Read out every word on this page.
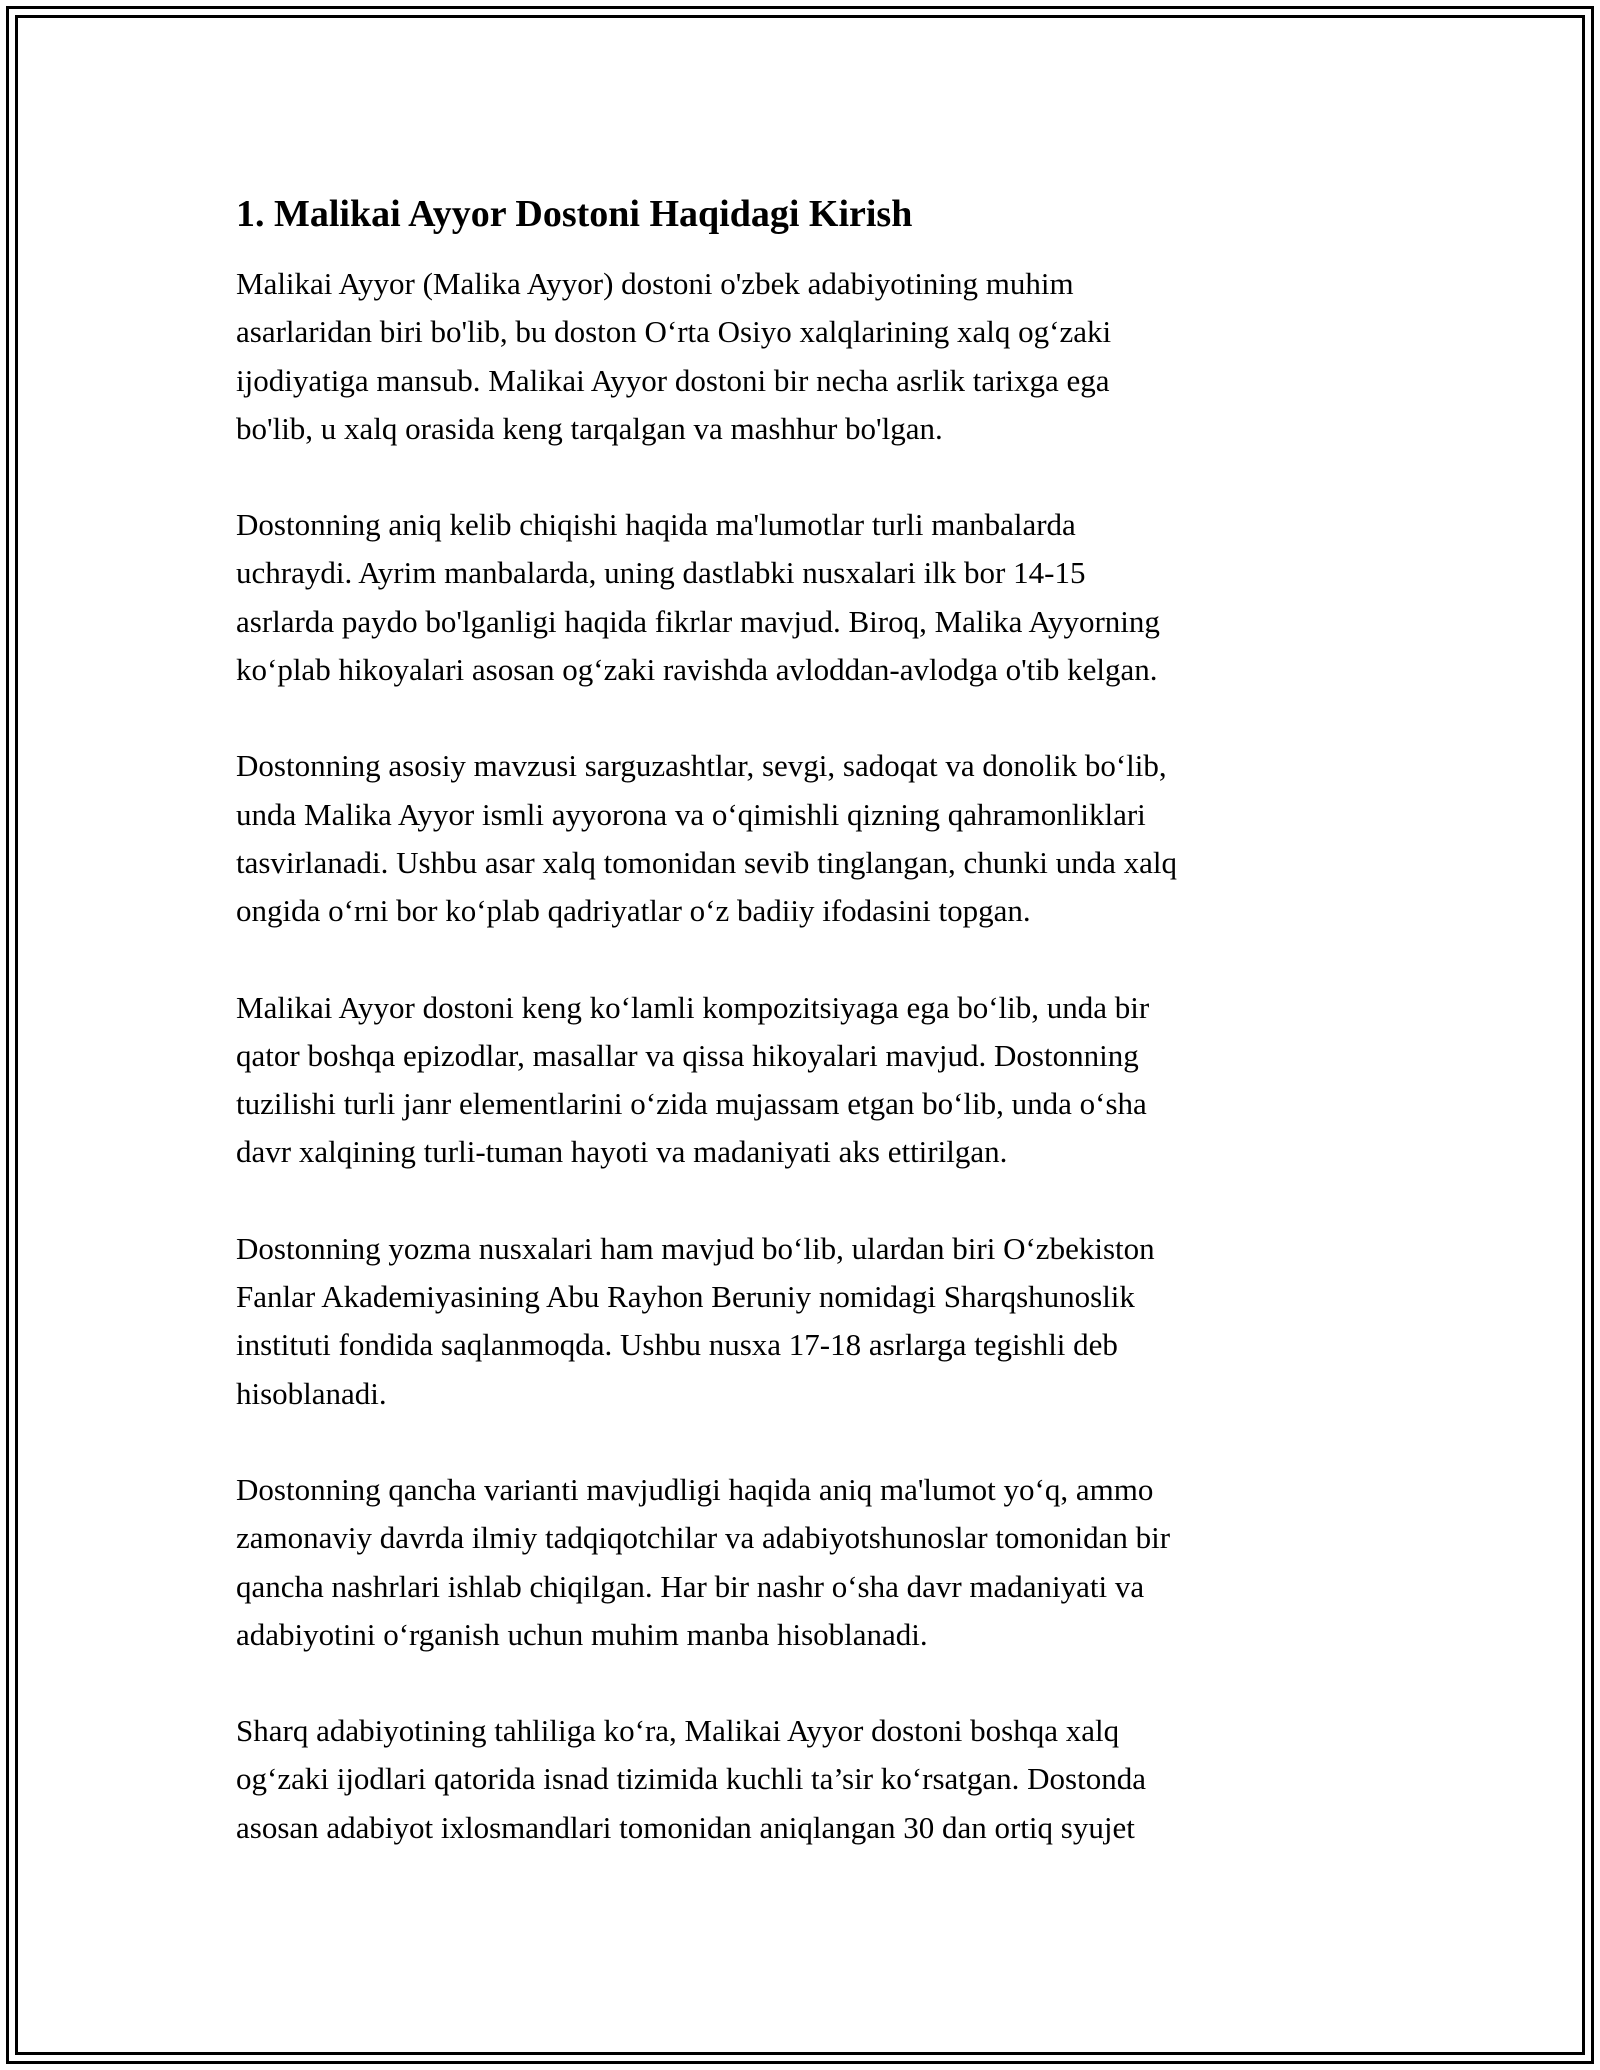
1. Malikai Ayyor Dostoni Haqidagi Kirish

Malikai Ayyor (Malika Ayyor) dostoni o'zbek adabiyotining muhim
asarlaridan biri bo'lib, bu doston O‘rta Osiyo xalqlarining xalq og‘zaki
ijodiyatiga mansub. Malikai Ayyor dostoni bir necha asrlik tarixga ega
bo'lib, u xalq orasida keng tarqalgan va mashhur bo'lgan.

Dostonning aniq kelib chiqishi haqida ma'lumotlar turli manbalarda
uchraydi. Ayrim manbalarda, uning dastlabki nusxalari ilk bor 14-15
asrlarda paydo bo'lganligi haqida fikrlar mavjud. Biroq, Malika Ayyorning
ko‘plab hikoyalari asosan og‘zaki ravishda avloddan-avlodga o'tib kelgan.

Dostonning asosiy mavzusi sarguzashtlar, sevgi, sadoqat va donolik bo‘lib,
unda Malika Ayyor ismli ayyorona va o‘qimishli qizning qahramonliklari
tasvirlanadi. Ushbu asar xalq tomonidan sevib tinglangan, chunki unda xalq
ongida o‘rni bor ko‘plab qadriyatlar o‘z badiiy ifodasini topgan.

Malikai Ayyor dostoni keng ko‘lamli kompozitsiyaga ega bo‘lib, unda bir
qator boshqa epizodlar, masallar va qissa hikoyalari mavjud. Dostonning
tuzilishi turli janr elementlarini o‘zida mujassam etgan bo‘lib, unda o‘sha
davr xalqining turli-tuman hayoti va madaniyati aks ettirilgan.

Dostonning yozma nusxalari ham mavjud bo‘lib, ulardan biri O‘zbekiston
Fanlar Akademiyasining Abu Rayhon Beruniy nomidagi Sharqshunoslik
instituti fondida saqlanmoqda. Ushbu nusxa 17-18 asrlarga tegishli deb
hisoblanadi.

Dostonning qancha varianti mavjudligi haqida aniq ma'lumot yo‘q, ammo
zamonaviy davrda ilmiy tadqiqotchilar va adabiyotshunoslar tomonidan bir
qancha nashrlari ishlab chiqilgan. Har bir nashr o‘sha davr madaniyati va
adabiyotini o‘rganish uchun muhim manba hisoblanadi.

Sharq adabiyotining tahliliga ko‘ra, Malikai Ayyor dostoni boshqa xalq
og‘zaki ijodlari qatorida isnad tizimida kuchli ta’sir ko‘rsatgan. Dostonda
asosan adabiyot ixlosmandlari tomonidan aniqlangan 30 dan ortiq syujet
